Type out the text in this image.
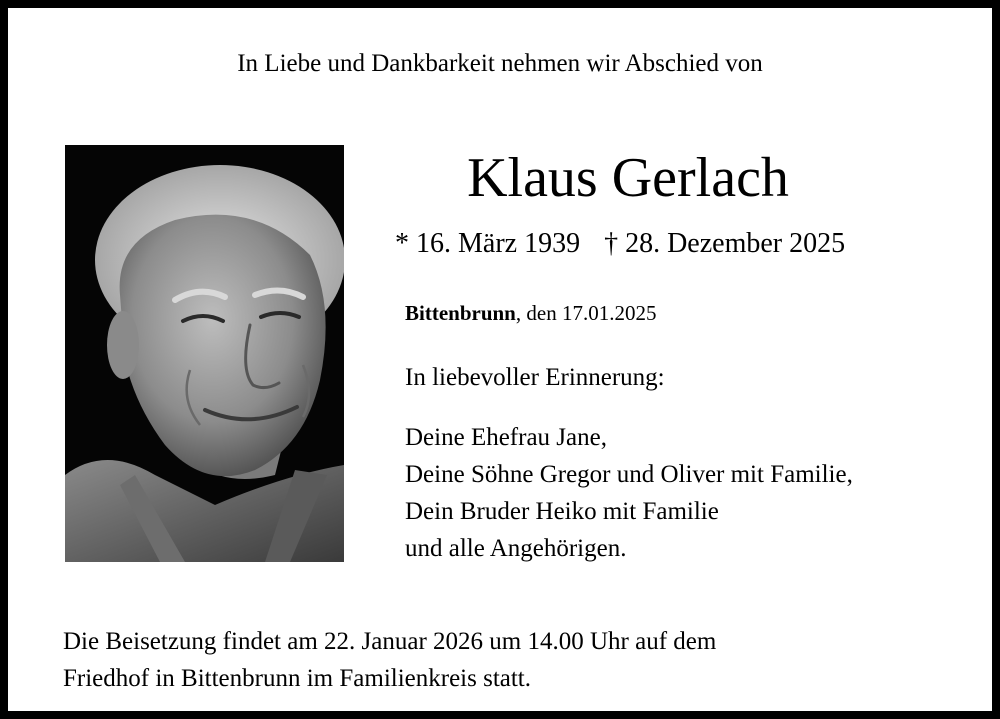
In Liebe und Dankbarkeit nehmen wir Abschied von
Klaus Gerlach
* 16. März 1939 † 28. Dezember 2025
Bittenbrunn, den 17.01.2025
In liebevoller Erinnerung:
Deine Ehefrau Jane,
Deine Söhne Gregor und Oliver mit Familie,
Dein Bruder Heiko mit Familie
und alle Angehörigen.
Die Beisetzung findet am 22. Januar 2026 um 14.00 Uhr auf dem
Friedhof in Bittenbrunn im Familienkreis statt.
